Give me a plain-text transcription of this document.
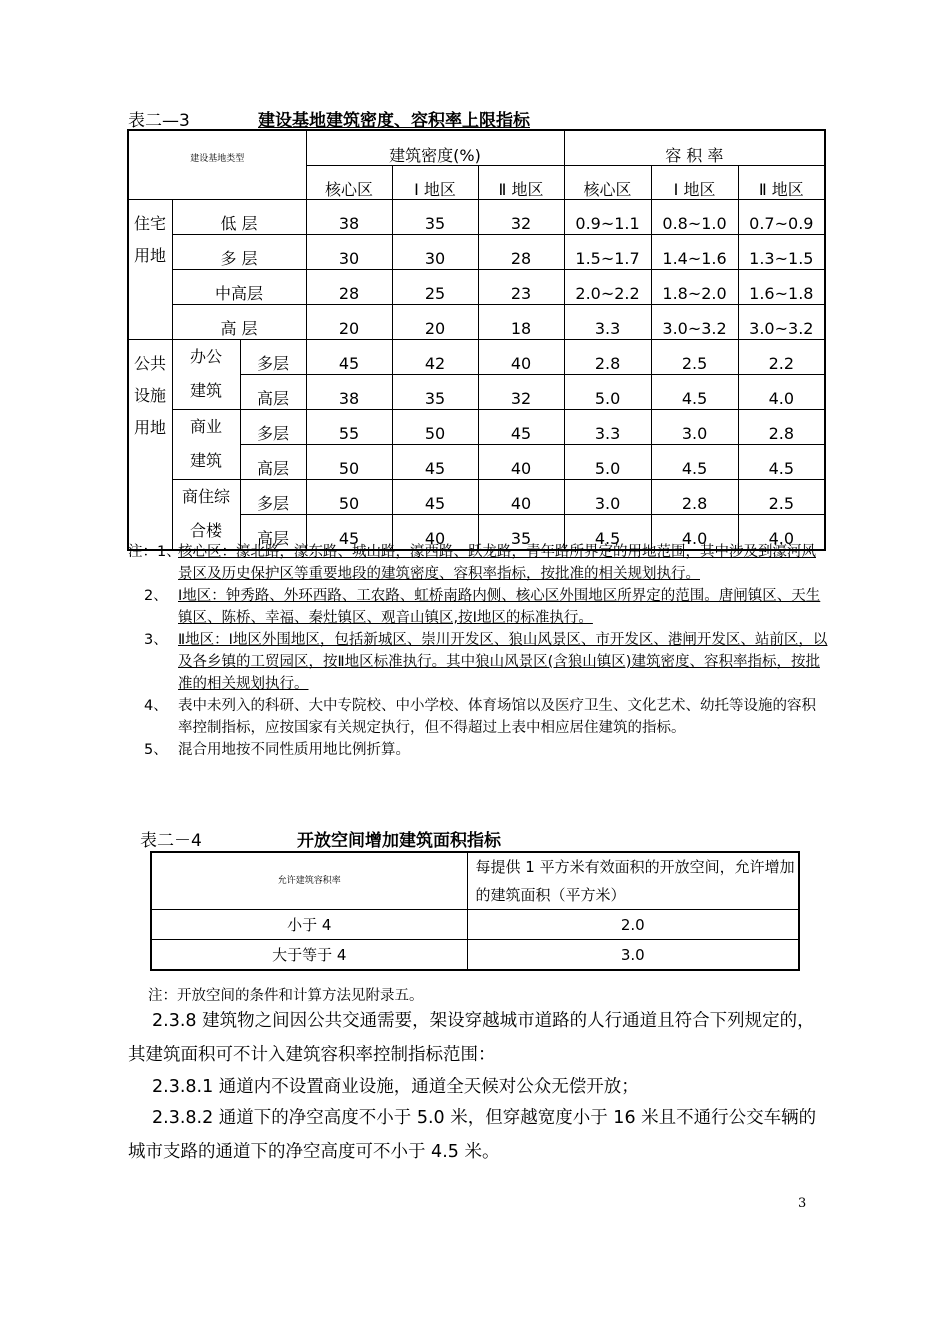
表二—3	建设基地建筑密度、容积率上限指标
建设基地类型			建筑密度(%)			容 积 率		
			核心区	Ⅰ 地区	Ⅱ 地区	核心区	Ⅰ 地区	Ⅱ 地区
住宅用地	低 层		38	35	32	0.9~1.1	0.8~1.0	0.7~0.9
	多 层		30	30	28	1.5~1.7	1.4~1.6	1.3~1.5
	中高层		28	25	23	2.0~2.2	1.8~2.0	1.6~1.8
	高 层		20	20	18	3.3	3.0~3.2	3.0~3.2
公共设施用地	办公建筑	多层	45	42	40	2.8	2.5	2.2
		高层	38	35	32	5.0	4.5	4.0

	商业建筑	多层	55	50	45	3.3	3.0	2.8
		高层	50	45	40	5.0	4.5	4.5

	商住综合楼	多层	50	45	40	3.0	2.8	2.5
		高层	45	40	35	4.5	4.0	4.0
注：1、
核心区：濠北路，濠东路、城山路，濠西路、跃龙路，青年路所界定的用地范围，其中涉及到濠河风景区及历史保护区等重要地段的建筑密度、容积率指标，按批准的相关规划执行。
2、 Ⅰ地区：钟秀路、外环西路、工农路、虹桥南路内侧、核心区外围地区所界定的范围。唐闸镇区、天生镇区、陈桥、幸福、秦灶镇区、观音山镇区,按Ⅰ地区的标准执行。
3、 Ⅱ地区：Ⅰ地区外围地区，包括新城区、崇川开发区、狼山风景区、市开发区、港闸开发区、站前区，以及各乡镇的工贸园区，按Ⅱ地区标准执行。其中狼山风景区(含狼山镇区)建筑密度、容积率指标，按批准的相关规划执行。
4、 表中未列入的科研、大中专院校、中小学校、体育场馆以及医疗卫生、文化艺术、幼托等设施的容积率控制指标，应按国家有关规定执行，但不得超过上表中相应居住建筑的指标。
5、 混合用地按不同性质用地比例折算。
表二－4	开放空间增加建筑面积指标
允许建筑容积率	每提供 1 平方米有效面积的开放空间，允许增加的建筑面积（平方米）
小于 4	2.0
大于等于 4	3.0
注：开放空间的条件和计算方法见附录五。
2.3.8 建筑物之间因公共交通需要，架设穿越城市道路的人行通道且符合下列规定的，其建筑面积可不计入建筑容积率控制指标范围：
2.3.8.1 通道内不设置商业设施，通道全天候对公众无偿开放；
2.3.8.2 通道下的净空高度不小于 5.0 米，但穿越宽度小于 16 米且不通行公交车辆的城市支路的通道下的净空高度可不小于 4.5 米。
3
